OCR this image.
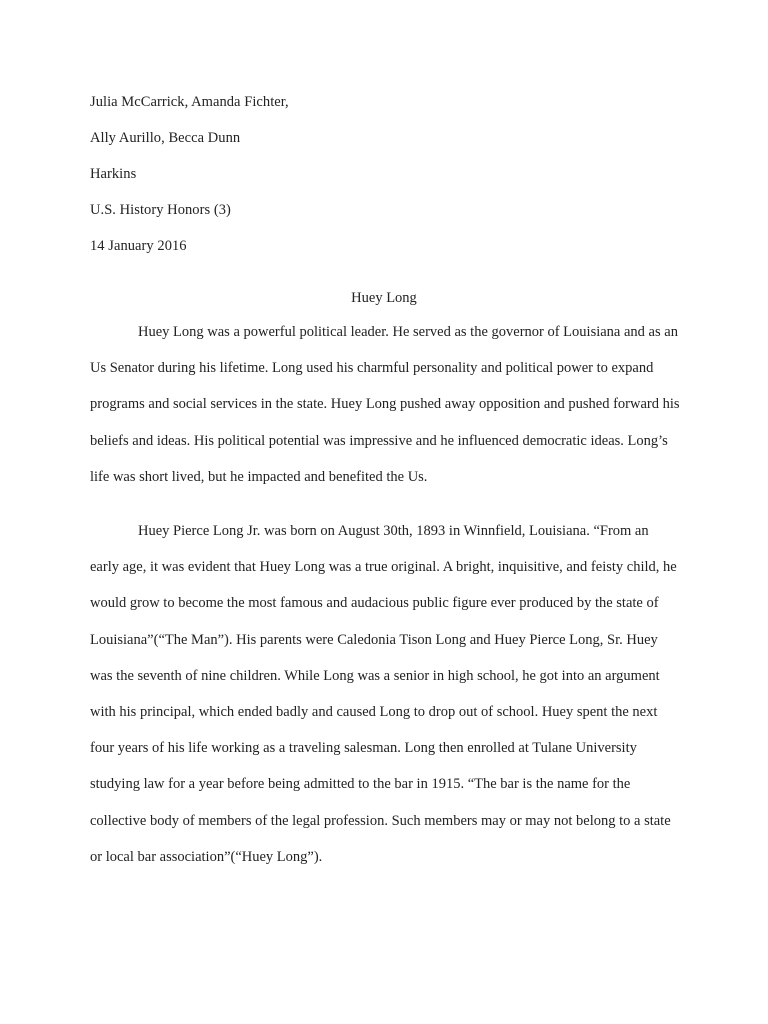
Julia McCarrick, Amanda Fichter,
Ally Aurillo, Becca Dunn
Harkins
U.S. History Honors (3)
14 January 2016
Huey Long

Huey Long was a powerful political leader. He served as the governor of Louisiana and as an Us Senator during his lifetime. Long used his charmful personality and political power to expand programs and social services in the state. Huey Long pushed away opposition and pushed forward his beliefs and ideas. His political potential was impressive and he influenced democratic ideas. Long’s life was short lived, but he impacted and benefited the Us.

Huey Pierce Long Jr. was born on August 30th, 1893 in Winnfield, Louisiana. “From an early age, it was evident that Huey Long was a true original. A bright, inquisitive, and feisty child, he would grow to become the most famous and audacious public figure ever produced by the state of Louisiana”(“The Man”). His parents were Caledonia Tison Long and Huey Pierce Long, Sr. Huey was the seventh of nine children. While Long was a senior in high school, he got into an argument with his principal, which ended badly and caused Long to drop out of school. Huey spent the next four years of his life working as a traveling salesman. Long then enrolled at Tulane University studying law for a year before being admitted to the bar in 1915. “The bar is the name for the collective body of members of the legal profession. Such members may or may not belong to a state or local bar association”(“Huey Long”).
